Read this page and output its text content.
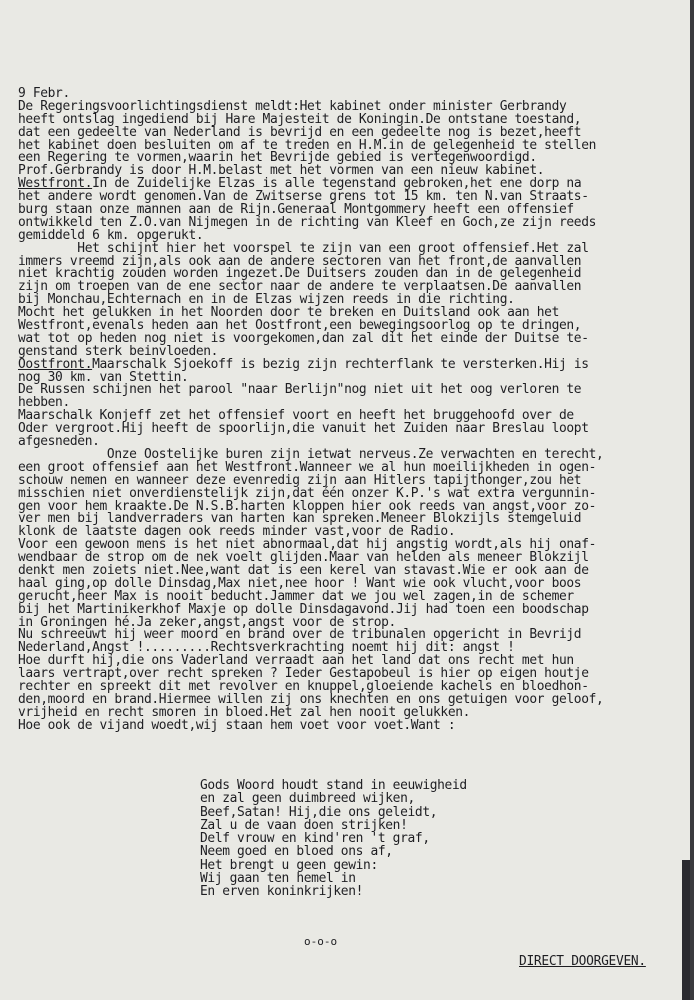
9 Febr.
De Regeringsvoorlichtingsdienst meldt:Het kabinet onder minister Gerbrandy
heeft ontslag ingediend bij Hare Majesteit de Koningin.De ontstane toestand,
dat een gedeelte van Nederland is bevrijd en een gedeelte nog is bezet,heeft
het kabinet doen besluiten om af te treden en H.M.in de gelegenheid te stellen
een Regering te vormen,waarin het Bevrijde gebied is vertegenwoordigd.
Prof.Gerbrandy is door H.M.belast met het vormen van een nieuw kabinet.
Westfront.In de Zuidelijke Elzas is alle tegenstand gebroken,het ene dorp na
het andere wordt genomen.Van de Zwitserse grens tot 15 km. ten N.van Straats-
burg staan onze mannen aan de Rijn.Generaal Montgommery heeft een offensief
ontwikkeld ten Z.O.van Nijmegen in de richting van Kleef en Goch,ze zijn reeds
gemiddeld 6 km. opgerukt.
Het schijnt hier het voorspel te zijn van een groot offensief.Het zal
immers vreemd zijn,als ook aan de andere sectoren van het front,de aanvallen
niet krachtig zouden worden ingezet.De Duitsers zouden dan in de gelegenheid
zijn om troepen van de ene sector naar de andere te verplaatsen.De aanvallen
bij Monchau,Echternach en in de Elzas wijzen reeds in die richting.
Mocht het gelukken in het Noorden door te breken en Duitsland ook aan het
Westfront,evenals heden aan het Oostfront,een bewegingsoorlog op te dringen,
wat tot op heden nog niet is voorgekomen,dan zal dit het einde der Duitse te-
genstand sterk beinvloeden.
Oostfront.Maarschalk Sjoekoff is bezig zijn rechterflank te versterken.Hij is
nog 30 km. van Stettin.
De Russen schijnen het parool "naar Berlijn"nog niet uit het oog verloren te
hebben.
Maarschalk Konjeff zet het offensief voort en heeft het bruggehoofd over de
Oder vergroot.Hij heeft de spoorlijn,die vanuit het Zuiden naar Breslau loopt
afgesneden.
Onze Oostelijke buren zijn ietwat nerveus.Ze verwachten en terecht,
een groot offensief aan het Westfront.Wanneer we al hun moeilijkheden in ogen-
schouw nemen en wanneer deze evenredig zijn aan Hitlers tapijthonger,zou het
misschien niet onverdienstelijk zijn,dat één onzer K.P.'s wat extra vergunnin-
gen voor hem kraakte.De N.S.B.harten kloppen hier ook reeds van angst,voor zo-
ver men bij landverraders van harten kan spreken.Meneer Blokzijls stemgeluid
klonk de laatste dagen ook reeds minder vast,voor de Radio.
Voor een gewoon mens is het niet abnormaal,dat hij angstig wordt,als hij onaf-
wendbaar de strop om de nek voelt glijden.Maar van helden als meneer Blokzijl
denkt men zoiets niet.Nee,want dat is een kerel van stavast.Wie er ook aan de
haal ging,op dolle Dinsdag,Max niet,nee hoor ! Want wie ook vlucht,voor boos
gerucht,heer Max is nooit beducht.Jammer dat we jou wel zagen,in de schemer
bij het Martinikerkhof Maxje op dolle Dinsdagavond.Jij had toen een boodschap
in Groningen hé.Ja zeker,angst,angst voor de strop.
Nu schreeuwt hij weer moord en brand over de tribunalen opgericht in Bevrijd
Nederland,Angst !.........Rechtsverkrachting noemt hij dit: angst !
Hoe durft hij,die ons Vaderland verraadt aan het land dat ons recht met hun
laars vertrapt,over recht spreken ? Ieder Gestapobeul is hier op eigen houtje
rechter en spreekt dit met revolver en knuppel,gloeiende kachels en bloedhon-
den,moord en brand.Hiermee willen zij ons knechten en ons getuigen voor geloof,
vrijheid en recht smoren in bloed.Het zal hen nooit gelukken.
Hoe ook de vijand woedt,wij staan hem voet voor voet.Want :
Gods Woord houdt stand in eeuwigheid
en zal geen duimbreed wijken,
Beef,Satan! Hij,die ons geleidt,
Zal u de vaan doen strijken!
Delf vrouw en kind'ren 't graf,
Neem goed en bloed ons af,
Het brengt u geen gewin:
Wij gaan ten hemel in
En erven koninkrijken!
o-o-o
DIRECT DOORGEVEN.
